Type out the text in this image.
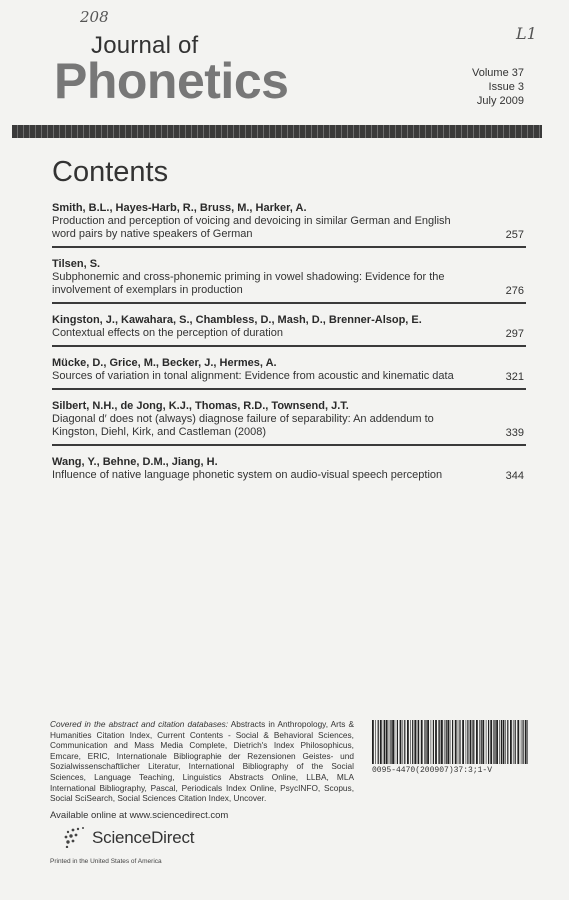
208
L1
Journal of
Phonetics	Volume 37
Issue 3
July 2009
Contents
Smith, B.L., Hayes-Harb, R., Bruss, M., Harker, A.
Production and perception of voicing and devoicing in similar German and English word pairs by native speakers of German	257
Tilsen, S.
Subphonemic and cross-phonemic priming in vowel shadowing: Evidence for the involvement of exemplars in production	276
Kingston, J., Kawahara, S., Chambless, D., Mash, D., Brenner-Alsop, E.
Contextual effects on the perception of duration	297
Mücke, D., Grice, M., Becker, J., Hermes, A.
Sources of variation in tonal alignment: Evidence from acoustic and kinematic data	321
Silbert, N.H., de Jong, K.J., Thomas, R.D., Townsend, J.T.
Diagonal d′ does not (always) diagnose failure of separability: An addendum to Kingston, Diehl, Kirk, and Castleman (2008)	339
Wang, Y., Behne, D.M., Jiang, H.
Influence of native language phonetic system on audio-visual speech perception	344
Covered in the abstract and citation databases: Abstracts in Anthropology, Arts & Humanities Citation Index, Current Contents - Social & Behavioral Sciences, Communication and Mass Media Complete, Dietrich's Index Philosophicus, Emcare, ERIC, Internationale Bibliographie der Rezensionen Geistes- und Sozialwissenschaftlicher Literatur, International Bibliography of the Social Sciences, Language Teaching, Linguistics Abstracts Online, LLBA, MLA International Bibliography, Pascal, Periodicals Index Online, PsycINFO, Scopus, Social SciSearch, Social Sciences Citation Index, Uncover.
0095-4470(200907)37:3;1-V
Available online at www.sciencedirect.com
ScienceDirect
Printed in the United States of America
